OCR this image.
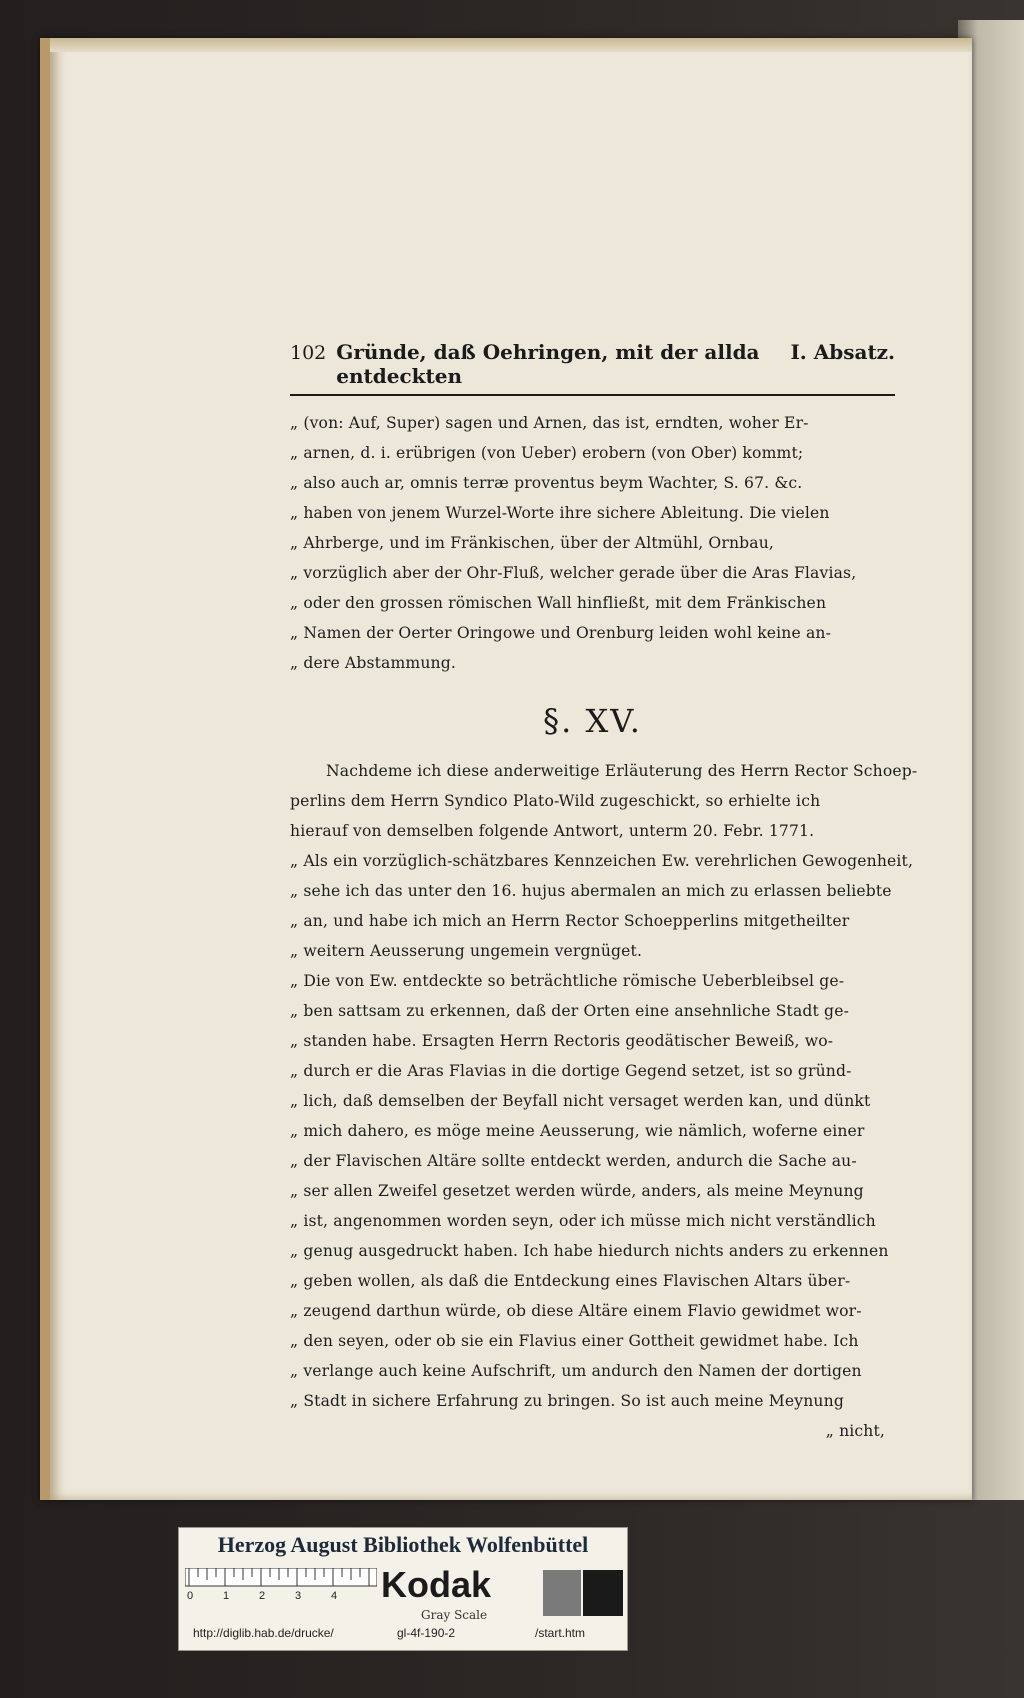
102 Gründe, daß Oehringen, mit der allda entdeckten
I. Absatz.
„ (von: Auf, Super) sagen und Arnen, das ist, erndten, woher Er-
„ arnen, d. i. erübrigen (von Ueber) erobern (von Ober) kommt;
„ also auch ar, omnis terræ proventus beym Wachter, S. 67. &c.
„ haben von jenem Wurzel-Worte ihre sichere Ableitung. Die vielen
„ Ahrberge, und im Fränkischen, über der Altmühl, Ornbau,
„ vorzüglich aber der Ohr-Fluß, welcher gerade über die Aras Flavias,
„ oder den grossen römischen Wall hinfließt, mit dem Fränkischen
„ Namen der Oerter Oringowe und Orenburg leiden wohl keine an-
„ dere Abstammung.
§. XV.
Nachdeme ich diese anderweitige Erläuterung des Herrn Rector Schoep-
perlins dem Herrn Syndico Plato-Wild zugeschickt, so erhielte ich
hierauf von demselben folgende Antwort, unterm 20. Febr. 1771.
„ Als ein vorzüglich-schätzbares Kennzeichen Ew. verehrlichen Gewogenheit,
„ sehe ich das unter den 16. hujus abermalen an mich zu erlassen beliebte
„ an, und habe ich mich an Herrn Rector Schoepperlins mitgetheilter
„ weitern Aeusserung ungemein vergnüget.
„ Die von Ew. entdeckte so beträchtliche römische Ueberbleibsel ge-
„ ben sattsam zu erkennen, daß der Orten eine ansehnliche Stadt ge-
„ standen habe. Ersagten Herrn Rectoris geodätischer Beweiß, wo-
„ durch er die Aras Flavias in die dortige Gegend setzet, ist so gründ-
„ lich, daß demselben der Beyfall nicht versaget werden kan, und dünkt
„ mich dahero, es möge meine Aeusserung, wie nämlich, woferne einer
„ der Flavischen Altäre sollte entdeckt werden, andurch die Sache au-
„ ser allen Zweifel gesetzet werden würde, anders, als meine Meynung
„ ist, angenommen worden seyn, oder ich müsse mich nicht verständlich
„ genug ausgedruckt haben. Ich habe hiedurch nichts anders zu erkennen
„ geben wollen, als daß die Entdeckung eines Flavischen Altars über-
„ zeugend darthun würde, ob diese Altäre einem Flavio gewidmet wor-
„ den seyen, oder ob sie ein Flavius einer Gottheit gewidmet habe. Ich
„ verlange auch keine Aufschrift, um andurch den Namen der dortigen
„ Stadt in sichere Erfahrung zu bringen. So ist auch meine Meynung
„ nicht,
Herzog August Bibliothek Wolfenbüttel
0	1	2	3	4 Kodak
Gray Scale
http://diglib.hab.de/drucke/	gl-4f-190-2	/start.htm
